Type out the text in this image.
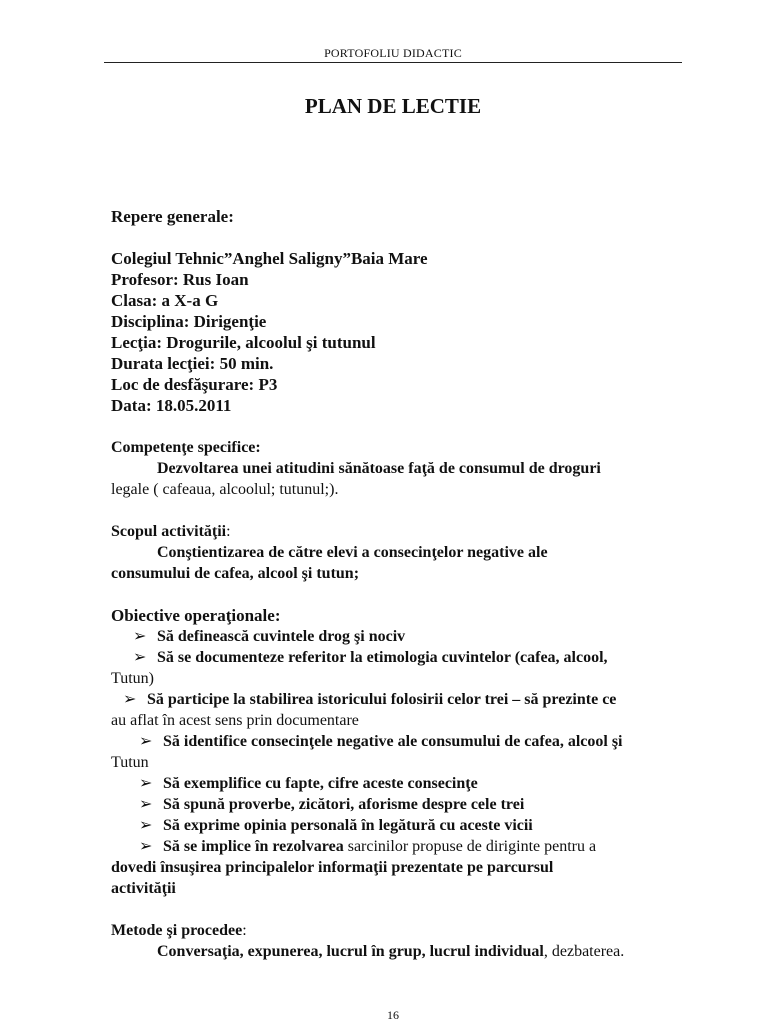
PORTOFOLIU DIDACTIC
PLAN DE LECTIE
Repere generale:

Colegiul Tehnic”Anghel Saligny”Baia Mare

Profesor: Rus Ioan

Clasa: a X-a G

Disciplina: Dirigenţie

Lecţia: Drogurile, alcoolul şi tutunul

Durata lecţiei: 50 min.

Loc de desfăşurare: P3

Data: 18.05.2011

Competenţe specifice:

Dezvoltarea unei atitudini sănătoase faţă de consumul de droguri

legale ( cafeaua, alcoolul; tutunul;).

Scopul activităţii:

Conştientizarea de către elevi a consecinţelor negative ale

consumului de cafea, alcool şi tutun;

Obiective operaţionale:
➢ Să definească cuvintele drog şi nociv
➢ Să se documenteze referitor la etimologia cuvintelor (cafea, alcool,
Tutun)
➢ Să participe la stabilirea istoricului folosirii celor trei – să prezinte ce
au aflat în acest sens prin documentare
➢ Să identifice consecinţele negative ale consumului de cafea, alcool şi
Tutun
➢ Să exemplifice cu fapte, cifre aceste consecinţe
➢ Să spună proverbe, zicători, aforisme despre cele trei
➢ Să exprime opinia personală în legătură cu aceste vicii
➢ Să se implice în rezolvarea sarcinilor propuse de diriginte pentru a
dovedi însuşirea principalelor informaţii prezentate pe parcursul
activităţii
Metode şi procedee:

Conversaţia, expunerea, lucrul în grup, lucrul individual, dezbaterea.

16
